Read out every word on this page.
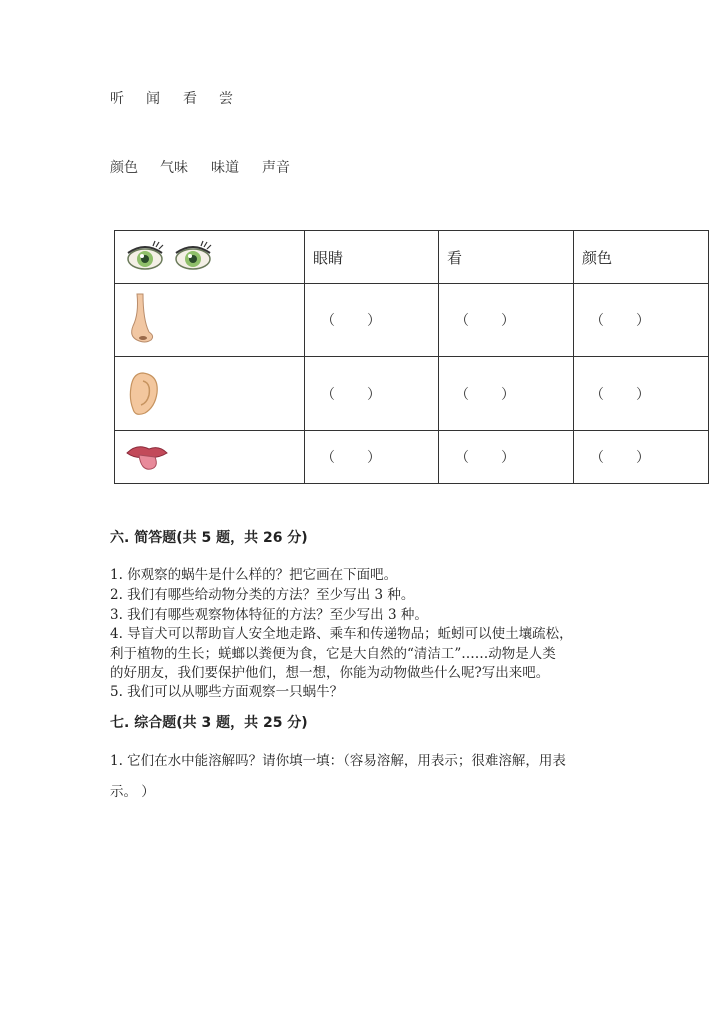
听 闻 看 尝
颜色 气味 味道 声音
	眼睛	看	颜色

（ ）	（ ）	（ ）

（ ）	（ ）	（ ）

（ ）	（ ）	（ ）
六. 简答题(共 5 题，共 26 分)
1. 你观察的蜗牛是什么样的？把它画在下面吧。
2. 我们有哪些给动物分类的方法？至少写出 3 种。
3. 我们有哪些观察物体特征的方法？至少写出 3 种。
4. 导盲犬可以帮助盲人安全地走路、乘车和传递物品；蚯蚓可以使土壤疏松，
利于植物的生长；蜣螂以粪便为食，它是大自然的“清洁工”……动物是人类
的好朋友，我们要保护他们，想一想，你能为动物做些什么呢?写出来吧。
5. 我们可以从哪些方面观察一只蜗牛？
七. 综合题(共 3 题，共 25 分)
1. 它们在水中能溶解吗？请你填一填：（容易溶解，用表示；很难溶解，用表
示。 ）
